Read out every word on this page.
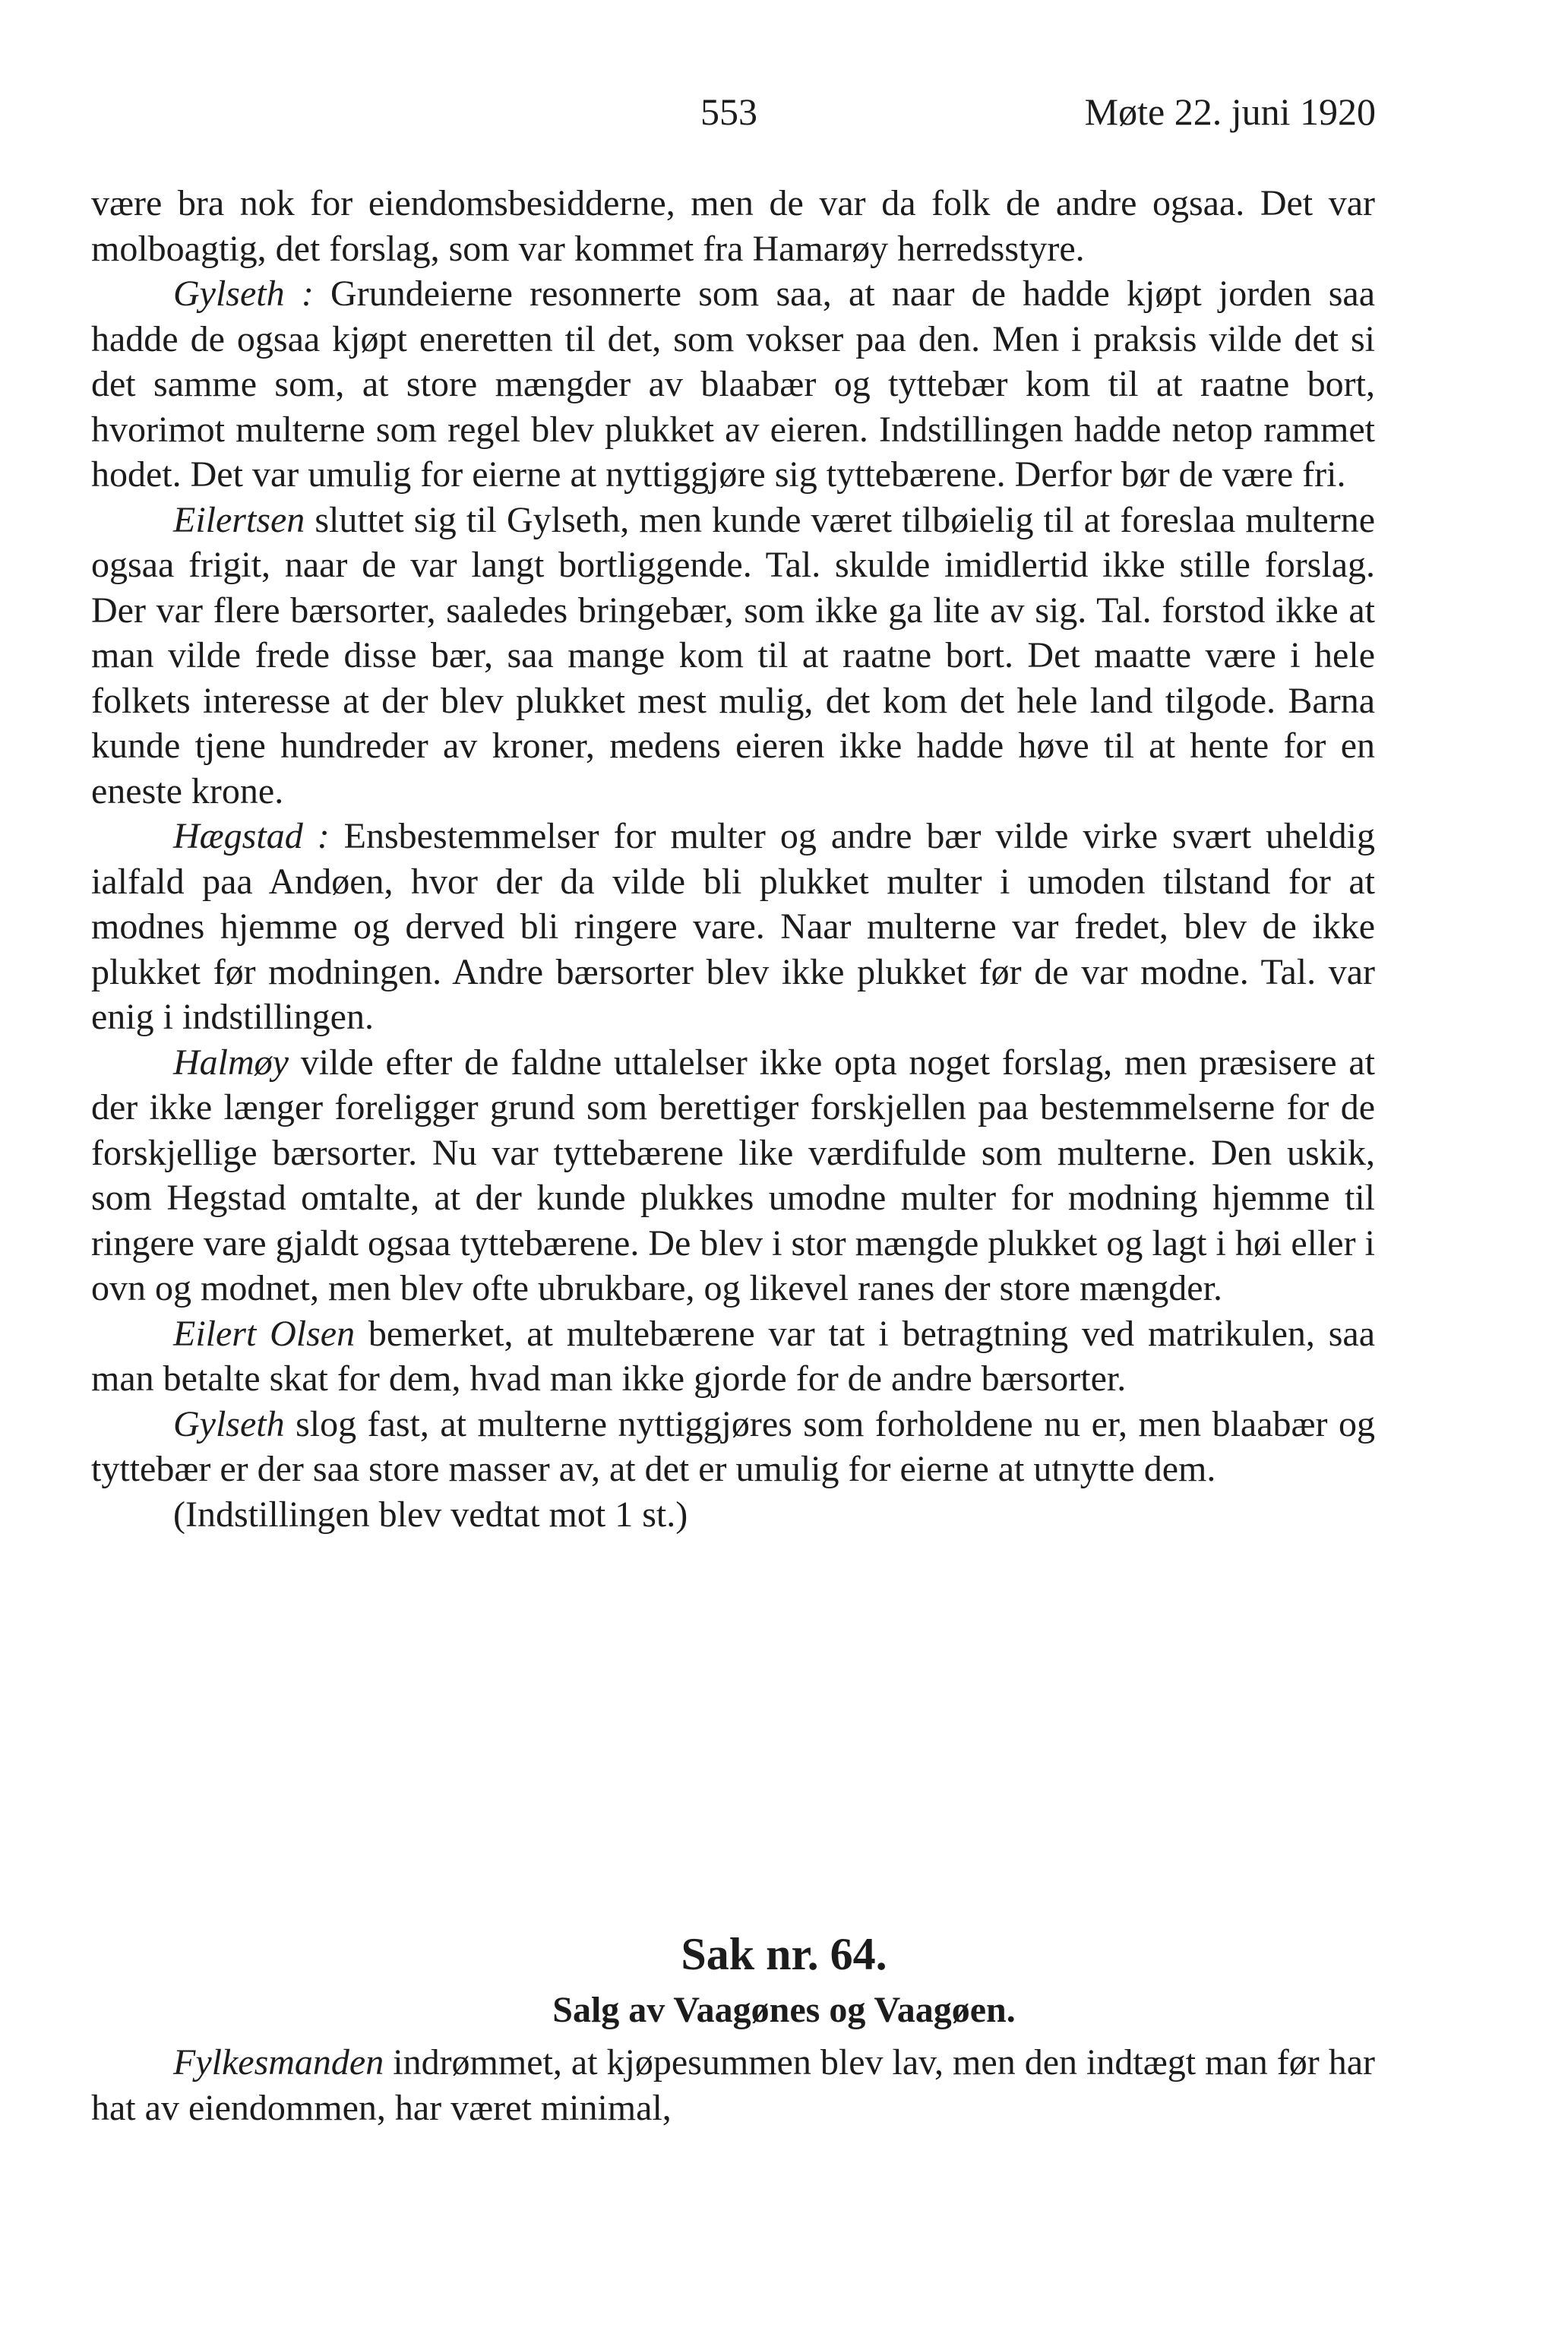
553	Møte 22. juni 1920

være bra nok for eiendomsbesidderne, men de var da folk de andre ogsaa. Det var molboagtig, det forslag, som var kommet fra Hamarøy herredsstyre.

Gylseth : Grundeierne resonnerte som saa, at naar de hadde kjøpt jorden saa hadde de ogsaa kjøpt eneretten til det, som vokser paa den. Men i praksis vilde det si det samme som, at store mængder av blaabær og tyttebær kom til at raatne bort, hvorimot multerne som regel blev plukket av eieren. Indstillingen hadde netop rammet hodet. Det var umulig for eierne at nyttiggjøre sig tyttebærene. Derfor bør de være fri.

Eilertsen sluttet sig til Gylseth, men kunde været tilbøielig til at foreslaa multerne ogsaa frigit, naar de var langt bortliggende. Tal. skulde imidlertid ikke stille forslag. Der var flere bærsorter, saaledes bringebær, som ikke ga lite av sig. Tal. forstod ikke at man vilde frede disse bær, saa mange kom til at raatne bort. Det maatte være i hele folkets interesse at der blev plukket mest mulig, det kom det hele land tilgode. Barna kunde tjene hundreder av kroner, medens eieren ikke hadde høve til at hente for en eneste krone.

Hægstad : Ensbestemmelser for multer og andre bær vilde virke svært uheldig ialfald paa Andøen, hvor der da vilde bli plukket multer i umoden tilstand for at modnes hjemme og derved bli ringere vare. Naar multerne var fredet, blev de ikke plukket før modningen. Andre bærsorter blev ikke plukket før de var modne. Tal. var enig i indstillingen.

Halmøy vilde efter de faldne uttalelser ikke opta noget forslag, men præsisere at der ikke længer foreligger grund som berettiger forskjellen paa bestemmelserne for de forskjellige bærsorter. Nu var tyttebærene like værdifulde som multerne. Den uskik, som Hegstad omtalte, at der kunde plukkes umodne multer for modning hjemme til ringere vare gjaldt ogsaa tyttebærene. De blev i stor mængde plukket og lagt i høi eller i ovn og modnet, men blev ofte ubrukbare, og likevel ranes der store mængder.

Eilert Olsen bemerket, at multebærene var tat i betragtning ved matrikulen, saa man betalte skat for dem, hvad man ikke gjorde for de andre bærsorter.

Gylseth slog fast, at multerne nyttiggjøres som forholdene nu er, men blaabær og tyttebær er der saa store masser av, at det er umulig for eierne at utnytte dem.

(Indstillingen blev vedtat mot 1 st.)

Sak nr. 64.
Salg av Vaagønes og Vaagøen.

Fylkesmanden indrømmet, at kjøpesummen blev lav, men den indtægt man før har hat av eiendommen, har været minimal,
